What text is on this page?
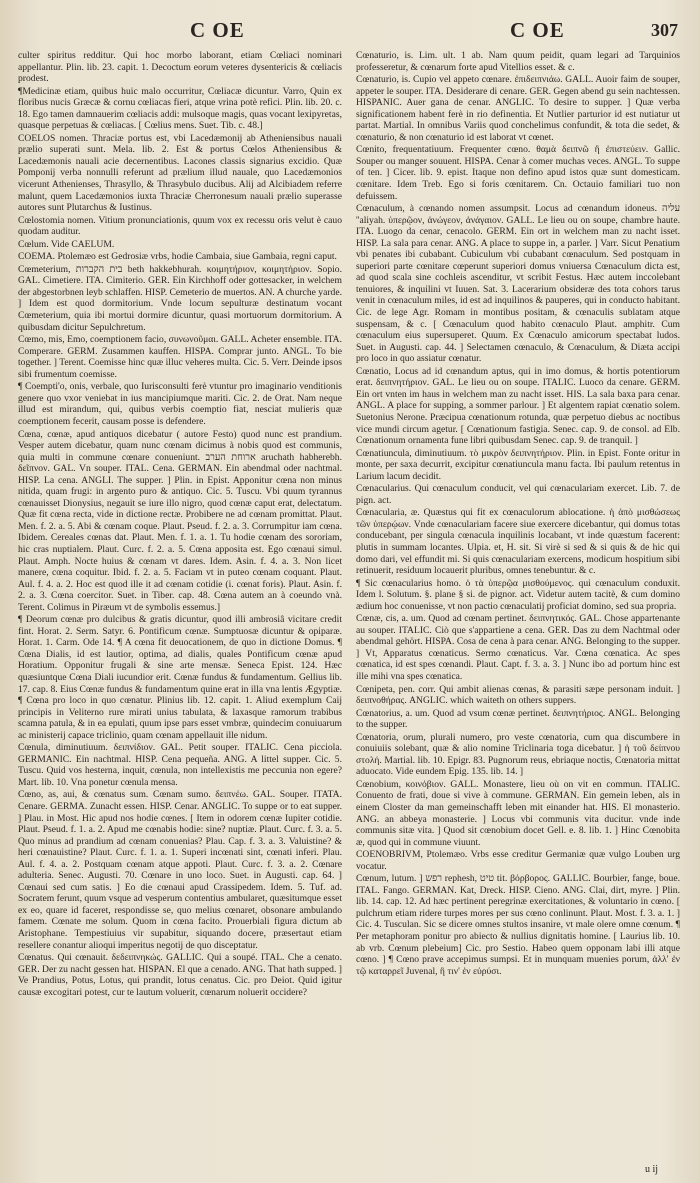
C OE	C OE	307

culter spiritus redditur. Qui hoc morbo laborant, etiam Cœliaci nominari appellantur. Plin. lib. 23. capit. 1. Decoctum eorum veteres dysentericis & cœliacis prodest.

¶Medicinæ etiam, quibus huic malo occurritur, Cœliacæ dicuntur. Varro, Quin ex floribus nucis Græcæ & cornu cœliacas fieri, atque vrina potè refici. Plin. lib. 20. c. 18. Ego tamen damnauerim cœliacis addi: mulsoque magis, quas vocant lexipyretas, quasque perpetuas & cœliacas. [ Cœlius mens. Suet. Tib. c. 48.]

COELOS nomen. Thraciæ portus est, vbi Lacedæmonij ab Atheniensibus nauali prælio superati sunt. Mela. lib. 2. Est & portus Cœlos Atheniensibus & Lacedæmonis nauali acie decernentibus. Lacones classis signarius excidio. Quæ Pomponij verba nonnulli referunt ad prælium illud nauale, quo Lacedæmonios vicerunt Athenienses, Thrasyllo, & Thrasybulo ducibus. Alij ad Alcibiadem referre malunt, quem Lacedæmonios iuxta Thraciæ Cherronesum nauali prælio superasse autores sunt Plutarchus & Iustinus.

Cœlostomia nomen. Vitium pronunciationis, quum vox ex recessu oris velut è cauo quodam auditur.

Cœlum. Vide CAELUM.

COEMA. Ptolemæo est Gedrosiæ vrbs, hodie Cambaia, siue Gambaia, regni caput.

Cœmeterium, בית הקברות beth hakkebhurah. κοιμητήριον, κοιμητήριον. Sopio. GAL. Cimetiere. ITA. Cimiterio. GER. Ein Kirchhoff oder gottesacker, in welchem der abgestorbnen leyb schlaffen. HISP. Cemeterio de muertos. AN. A churche yarde. ] Idem est quod dormitorium. Vnde locum sepulturæ destinatum vocant Cœmeterium, quia ibi mortui dormire dicuntur, quasi mortuorum dormitorium. A quibusdam dicitur Sepulchretum.

Cœmo, mis, Emo, coemptionem facio, συνωνοῦμαι. GALL. Acheter ensemble. ITA. Comperare. GERM. Zusammen kauffen. HISPA. Comprar junto. ANGL. To bie together. ] Terent. Coemisse hinc quæ illuc veheres multa. Cic. 5. Verr. Deinde ipsos sibi frumentum coemisse.

¶ Coempti'o, onis, verbale, quo Iurisconsulti ferè vtuntur pro imaginario venditionis genere quo vxor veniebat in ius mancipiumque mariti. Cic. 2. de Orat. Nam neque illud est mirandum, qui, quibus verbis coemptio fiat, nesciat mulieris quæ coemptionem fecerit, causam posse is defendere.

Cœna, cœnæ, apud antiquos dicebatur ( autore Festo) quod nunc est prandium. Vesper autem dicebatur, quam nunc cœnam dicimus à nobis quod est communis, quia multi in commune cœnare conueniunt. ארוחת הערב aruchath habherebh. δεῖπνον. GAL. Vn souper. ITAL. Cena. GERMAN. Ein abendmal oder nachtmal. HISP. La cena. ANGLI. The supper. ] Plin. in Epist. Apponitur cœna non minus nitida, quam frugi: in argento puro & antiquo. Cic. 5. Tuscu. Vbi quum tyrannus cœnauisset Dionysius, negauit se iure illo nigro, quod cœnæ caput erat, delectatum. Quæ fit cœna recta, vide in dictione rectæ. Probibere ne ad cœnam promittat. Plaut. Men. f. 2. a. 5. Abi & cœnam coque. Plaut. Pseud. f. 2. a. 3. Corrumpitur iam cœna. Ibidem. Cereales cœnas dat. Plaut. Men. f. 1. a. 1. Tu hodie cœnam des sororiam, hic cras nuptialem. Plaut. Curc. f. 2. a. 5. Cœna apposita est. Ego cœnaui simul. Plaut. Amph. Nocte huius & cœnam vt dares. Idem. Asin. f. 4. a. 3. Non licet manere, cœna coquitur. Ibid. f. 2. a. 5. Faciam vt in puteo cœnam coquant. Plaut. Aul. f. 4. a. 2. Hoc est quod ille it ad cœnam cotidie (i. cœnat foris). Plaut. Asin. f. 2. a. 3. Cœna coercitor. Suet. in Tiber. cap. 48. Cœna autem an à coeundo vnà. Terent. Colimus in Piræum vt de symbolis essemus.]

¶ Deorum cœnæ pro dulcibus & gratis dicuntur, quod illi ambrosiâ vicitare credit fint. Horat. 2. Serm. Satyr. 6. Pontificum cœnæ. Sumptuosæ dicuntur & opiparæ. Horat. 1. Carm. Ode 14. ¶ A cœna fit deuocationem, de quo in dictione Domus. ¶ Cœna Dialis, id est lautior, optima, ad dialis, quales Pontificum cœnæ apud Horatium. Opponitur frugali & sine arte mensæ. Seneca Epist. 124. Hæc quæsiuntque Cœna Diali iucundior erit. Cœnæ fundus & fundamentum. Gellius lib. 17. cap. 8. Eius Cœnæ fundus & fundamentum quine erat in illa vna lentis Ægyptiæ. ¶ Cœna pro loco in quo cœnatur. Plinius lib. 12. capit. 1. Aliud exemplum Caij principis in Veliterno rure mirati unius tabulata, & laxasque ramorum trabibus scamna patula, & in ea epulati, quum ipse pars esset vmbræ, quindecim conuiuarum ac ministerij capace triclinio, quam cœnam appellauit ille nidum.

Cœnula, diminutiuum. δειπνίδιον. GAL. Petit souper. ITALIC. Cena picciola. GERMANIC. Ein nachtmal. HISP. Cena pequeña. ANG. A littel supper. Cic. 5. Tuscu. Quid vos hesterna, inquit, cœnula, non intellexistis me peccunia non egere? Mart. lib. 10. Vna ponetur cœnula mensa.

Cœno, as, aui, & cœnatus sum. Cœnam sumo. δειπνέω. GAL. Souper. ITATA. Cenare. GERMA. Zunacht essen. HISP. Cenar. ANGLIC. To suppe or to eat supper. ] Plau. in Most. Hic apud nos hodie cœnes. [ Item in odorem cœnæ Iupiter cotidie. Plaut. Pseud. f. 1. a. 2. Apud me cœnabis hodie: sine? nuptiæ. Plaut. Curc. f. 3. a. 5. Quo minus ad prandium ad cœnam conuenias? Plau. Cap. f. 3. a. 3. Valuistine? & heri cœnauistine? Plaut. Curc. f. 1. a. 1. Superi incœnati sint, cœnati inferi. Plau. Aul. f. 4. a. 2. Postquam cœnam atque appoti. Plaut. Curc. f. 3. a. 2. Cœnare adulteria. Senec. Augusti. 70. Cœnare in uno loco. Suet. in Augusti. cap. 64. ] Cœnaui sed cum satis. ] Eo die cœnaui apud Crassipedem. Idem. 5. Tuf. ad. Socratem ferunt, quum vsque ad vesperum contentius ambularet, quæsitumque esset ex eo, quare id faceret, respondisse se, quo melius cœnaret, obsonare ambulando famem. Cœnate me solum. Quom in cœna facito. Prouerbiali figura dictum ab Aristophane. Tempestiuius vir supabitur, siquando docere, præsertaut etiam resellere conantur alioqui imperitus negotij de quo disceptatur.

Cœnatus. Qui cœnauit. δεδειπνηκώς. GALLIC. Qui a soupé. ITAL. Che a cenato. GER. Der zu nacht gessen hat. HISPAN. El que a cenado. ANG. That hath supped. ] Ve Prandius, Potus, Lotus, qui prandit, lotus cenatus. Cic. pro Deiot. Quid igitur causæ excogitari potest, cur te lautum voluerit, cœnarum noluerit occidere?

Cœnaturio, is. Lim. ult. 1 ab. Nam quum peidit, quam legari ad Tarquinios professeretur, & cœnarum forte apud Vitellios esset. & c.

Cœnaturio, is. Cupio vel appeto cœnare. ἐπιδειπνιάω. GALL. Auoir faim de souper, appeter le souper. ITA. Desiderare di cenare. GER. Gegen abend gu sein nachtessen. HISPANIC. Auer gana de cenar. ANGLIC. To desire to supper. ] Quæ verba significationem habent ferè in rio definentia. Et Nutlier parturior id est nutiatur ut partat. Martial. In omnibus Variis quod conchelimus confundit, & tota die sedet, & cœnaturio, & non cœnaturio id est laborat vt cœnet.

Cœnito, frequentatiuum. Frequenter cœno. θαμὰ δειπνῶ ἢ ἐπιστεύειν. Gallic. Souper ou manger souuent. HISPA. Cenar à comer muchas veces. ANGL. To suppe of ten. ] Cicer. lib. 9. epist. Itaque non defino apud istos quæ sunt domesticam. cœnitare. Idem Treb. Ego si foris cœnitarem. Cn. Octauio familiari tuo non defuissem.

Cœnaculum, à cœnando nomen assumpsit. Locus ad cœnandum idoneus. עליה ''aliyah. ὑπερῷον, ἀνώγεον, ἀνάγαιον. GALL. Le lieu ou on soupe, chambre haute. ITA. Luogo da cenar, cenacolo. GERM. Ein ort in welchem man zu nacht isset. HISP. La sala para cenar. ANG. A place to suppe in, a parler. ] Varr. Sicut Penatium vbi penates ibi cubabant. Cubiculum vbi cubabant cœnaculum. Sed postquam in superiori parte cœnitare cœperunt superiori domus vniuersa Cœnaculum dicta est, ad quod scala sine cochleis ascenditur, vt scribit Festus. Hæc autem inccolebant tenuiores, & inquilini vt Iuuen. Sat. 3. Lacerarium obsideræ des tota cohors tarus venit in cœnaculum miles, id est ad inquilinos & pauperes, qui in conducto habitant. Cic. de lege Agr. Romam in montibus positam, & cœnaculis sublatam atque suspensam, & c. [ Cœnaculum quod habito cœnaculo Plaut. amphitr. Cum cœnaculum eius supersuperet. Quum. Ex Cœnaculo amicorum spectabat ludos. Suet. in Augusti. cap. 44. ] Selectamen cœnaculo, & Cœnaculum, & Diæta accipi pro loco in quo assiatur cœnatur.

Cœnatio, Locus ad id cœnandum aptus, qui in imo domus, & hortis potentiorum erat. δειπνητήριον. GAL. Le lieu ou on soupe. ITALIC. Luoco da cenare. GERM. Ein ort vnten im haus in welchem man zu nacht isset. HIS. La sala baxa para cenar. ANGL. A place for supping, a sommer parlour. ] Et algentem rapiat cœnatio solem. Suetonius Nerone. Præcipua cœnationum rotunda, quæ perpetuo diebus ac noctibus vice mundi circum agetur. [ Cœnationum fastigia. Senec. cap. 9. de consol. ad Elb. Cœnationum ornamenta fune libri quibusdam Senec. cap. 9. de tranquil. ]

Cœnatiuncula, diminutiuum. τὸ μικρὸν δειπνητήριον. Plin. in Epist. Fonte oritur in monte, per saxa decurrit, excipitur cœnatiuncula manu facta. Ibi paulum retentus in Larium lacum decidit.

Cœnacularius. Qui cœnaculum conducit, vel qui cœnaculariam exercet. Lib. 7. de pign. act.

Cœnacularia, æ. Quæstus qui fit ex cœnaculorum ablocatione. ἡ ἀπὸ μισθώσεως τῶν ὑπερῴων. Vnde cœnaculariam facere siue exercere dicebantur, qui domus totas conducebant, per singula cœnacula inquilinis locabant, vt inde quæstum facerent: plutis in summam locantes. Ulpia. et, H. sit. Si virè si sed & si quis & de hic qui domo dari, vel effundit mi. Si quis cœnaculariam exercens, modicum hospitium sibi retinuerit, residuum locauerit pluribus, omnes tenebuntur. & c.

¶ Sic cœnacularius homo. ὁ τὰ ὑπερῷα μισθούμενος. qui cœnaculum conduxit. Idem l. Solutum. §. plane § si. de pignor. act. Videtur autem tacitè, & cum domino ædium hoc conuenisse, vt non pactio cœnaculatij proficiat domino, sed sua propria.

Cœnæ, cis, a. um. Quod ad cœnam pertinet. δειπνητικός. GAL. Chose appartenante au souper. ITALIC. Ciò que s'appartiene a cena. GER. Das zu dem Nachtmal oder abendmal gehört. HISPA. Cosa de cena à para cenar. ANG. Belonging to the supper. ] Vt, Apparatus cœnaticus. Sermo cœnaticus. Var. Cœna cœnatica. Ac spes cœnatica, id est spes cœnandi. Plaut. Capt. f. 3. a. 3. ] Nunc ibo ad portum hinc est ille mihi vna spes cœnatica.

Cœnipeta, pen. corr. Qui ambit alienas cœnas, & parasiti sæpe personam induit. ] δειπνοθήρας. ANGLIC. which waiteth on others suppers.

Cœnatorius, a. um. Quod ad vsum cœnæ pertinet. δειπνητήριος. ANGL. Belonging to the supper.

Cœnatoria, orum, plurali numero, pro veste cœnatoria, cum qua discumbere in conuiuiis solebant, quæ & alio nomine Triclinaria toga dicebatur. ] ἡ τοῦ δείπνου στολή. Martial. lib. 10. Epigr. 83. Pugnorum reus, ebriaque noctis, Cœnatoria mittat aduocato. Vide eundem Epig. 135. lib. 14. ]

Cœnobium, κοινόβιον. GALL. Monastere, lieu où on vit en commun. ITALIC. Conuento de frati, doue si vive à commune. GERMAN. Ein gemein leben, als in einem Closter da man gemeinschafft leben mit einander hat. HIS. El monasterio. ANG. an abbeya monasterie. ] Locus vbi communis vita ducitur. vnde inde communis sitæ vita. ] Quod sit cœnobium docet Gell. e. 8. lib. 1. ] Hinc Cœnobita æ, quod qui in commune viuunt.

COENOBRIVM, Ptolemæo. Vrbs esse creditur Germaniæ quæ vulgo Louben urg vocatur.

Cœnum, lutum. ] רפש rephesh, טיט tit. βόρβορος. GALLIC. Bourbier, fange, boue. ITAL. Fango. GERMAN. Kat, Dreck. HISP. Cieno. ANG. Clai, dirt, myre. ] Plin. lib. 14. cap. 12. Ad hæc pertinent peregrinæ exercitationes, & voluntario in cœno. [ pulchrum etiam ridere turpes mores per sus cœno conlinunt. Plaut. Most. f. 3. a. 1. ] Cic. 4. Tusculan. Sic se dicere omnes stultos insanire, vt male olere omne cœnum. ¶ Per metaphoram ponitur pro abiecto & nullius dignitatis homine. [ Laurius lib. 10. ab vrb. Cœnum plebeium] Cic. pro Sestio. Habeo quem opponam labi illi atque cœno. ] ¶ Cœno prave accepimus sumpsi. Et in munquam muenies porum, ἀλλ' ἐν τῷ καταρρεῖ Juvenal, ἢ τιν' ἐν εὐρύσι.

u ij
